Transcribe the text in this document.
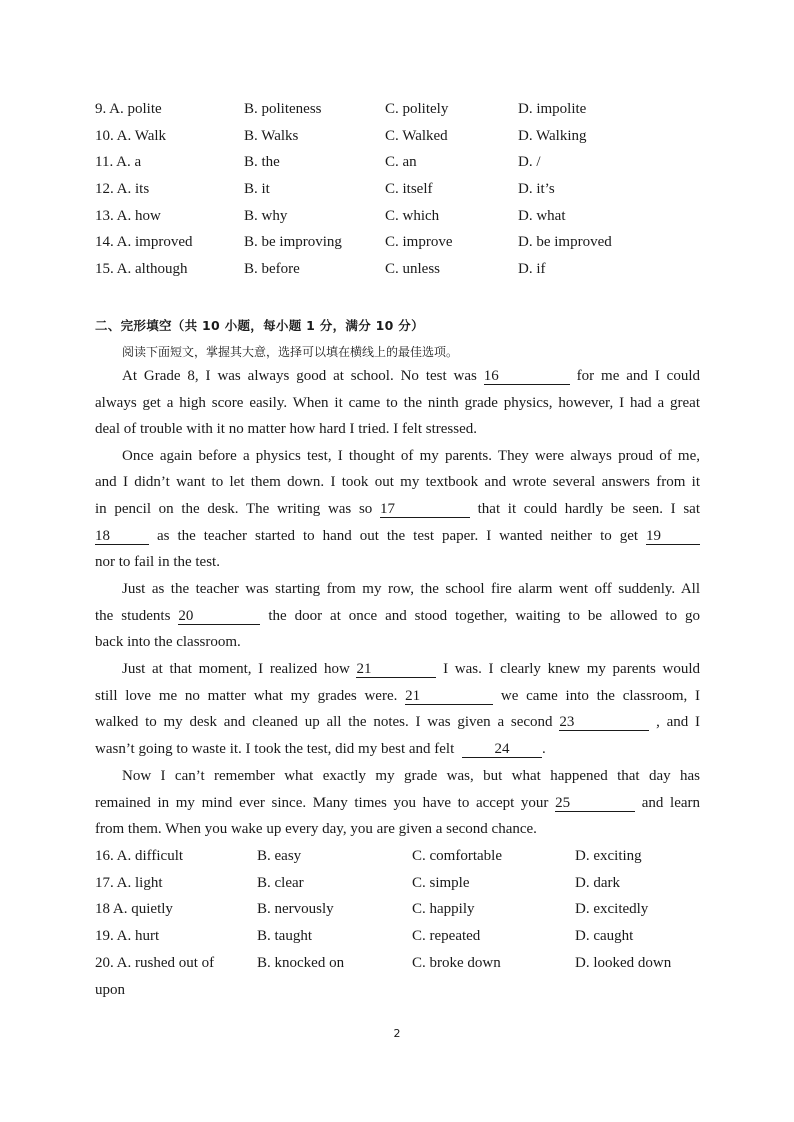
9. A. polite	B. politeness	C. politely	D. impolite
10. A. Walk	B. Walks	C. Walked	D. Walking
11. A. a	B. the	C. an	D. /
12. A. its	B. it	C. itself	D. it’s
13. A. how	B. why	C. which	D. what
14. A. improved	B. be improving	C. improve	D. be improved
15. A. although	B. before	C. unless	D. if
二、完形填空（共 10 小题，每小题 1 分，满分 10 分）
阅读下面短文，掌握其大意，选择可以填在横线上的最佳选项。
At Grade 8, I was always good at school. No test was 16	for me and I could
always get a high score easily. When it came to the ninth grade physics, however, I had a great
deal of trouble with it no matter how hard I tried. I felt stressed.
Once again before a physics test, I thought of my parents. They were always proud of me,
and I didn’t want to let them down. I took out my textbook and wrote several answers from it
in pencil on the desk. The writing was so 17	that it could hardly be seen. I sat
18	as the teacher started to hand out the test paper. I wanted neither to get 19
nor to fail in the test.
Just as the teacher was starting from my row, the school fire alarm went off suddenly. All
the students 20	the door at once and stood together, waiting to be allowed to go
back into the classroom.
Just at that moment, I realized how 21	I was. I clearly knew my parents would
still love me no matter what my grades were. 21	we came into the classroom, I
walked to my desk and cleaned up all the notes. I was given a second 23	, and I
wasn’t going to waste it. I took the test, did my best and felt	24 .
Now I can’t remember what exactly my grade was, but what happened that day has
remained in my mind ever since. Many times you have to accept your 25	and learn
from them. When you wake up every day, you are given a second chance.
16. A. difficult	B. easy	C. comfortable	D. exciting
17. A. light	B. clear	C. simple	D. dark
18 A. quietly	B. nervously	C. happily	D. excitedly
19. A. hurt	B. taught	C. repeated	D. caught
20. A. rushed out of	B. knocked on	C. broke down	D. looked down
upon
2
